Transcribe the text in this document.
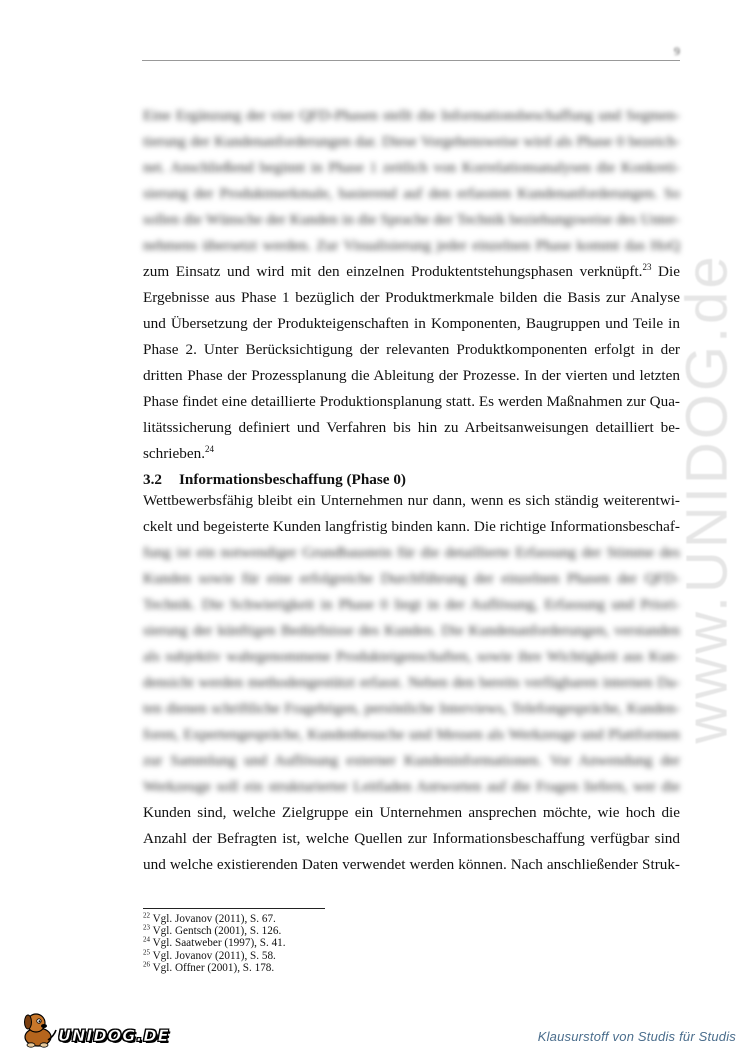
9
www.UNIDOG.de
Eine Ergänzung der vier QFD-Phasen stellt die Informationsbeschaffung und Segmen-
tierung der Kundenanforderungen dar. Diese Vorgehensweise wird als Phase 0 bezeich-
net. Anschließend beginnt in Phase 1 zeitlich von Korrelationsanalysen die Konkreti-
sierung der Produktmerkmale, basierend auf den erfassten Kundenanforderungen. So
sollen die Wünsche der Kunden in die Sprache der Technik beziehungsweise des Unter-
nehmens übersetzt werden. Zur Visualisierung jeder einzelnen Phase kommt das HoQ
zum Einsatz und wird mit den einzelnen Produktentstehungsphasen verknüpft.$^{23}$ Die
Ergebnisse aus Phase 1 bezüglich der Produktmerkmale bilden die Basis zur Analyse
und Übersetzung der Produkteigenschaften in Komponenten, Baugruppen und Teile in
Phase 2. Unter Berücksichtigung der relevanten Produktkomponenten erfolgt in der
dritten Phase der Prozessplanung die Ableitung der Prozesse. In der vierten und letzten
Phase findet eine detaillierte Produktionsplanung statt. Es werden Maßnahmen zur Qua-
litätssicherung definiert und Verfahren bis hin zu Arbeitsanweisungen detailliert be-
schrieben.$^{24}$
3.2 Informationsbeschaffung (Phase 0)
Wettbewerbsfähig bleibt ein Unternehmen nur dann, wenn es sich ständig weiterentwi-
ckelt und begeisterte Kunden langfristig binden kann. Die richtige Informationsbeschaf-
fung ist ein notwendiger Grundbaustein für die detaillierte Erfassung der Stimme des
Kunden sowie für eine erfolgreiche Durchführung der einzelnen Phasen der QFD-
Technik. Die Schwierigkeit in Phase 0 liegt in der Auflösung, Erfassung und Priori-
sierung der künftigen Bedürfnisse des Kunden. Die Kundenanforderungen, verstanden
als subjektiv wahrgenommene Produkteigenschaften, sowie ihre Wichtigkeit aus Kun-
densicht werden methodengestützt erfasst. Neben den bereits verfügbaren internen Da-
ten dienen schriftliche Fragebögen, persönliche Interviews, Telefongespräche, Kunden-
foren, Expertengespräche, Kundenbesuche und Messen als Werkzeuge und Plattformen
zur Sammlung und Auflösung externer Kundeninformationen. Vor Anwendung der
Werkzeuge soll ein strukturierter Leitfaden Antworten auf die Fragen liefern, wer die
Kunden sind, welche Zielgruppe ein Unternehmen ansprechen möchte, wie hoch die
Anzahl der Befragten ist, welche Quellen zur Informationsbeschaffung verfügbar sind
und welche existierenden Daten verwendet werden können. Nach anschließender Struk-
$^{22}$ Vgl. Jovanov (2011), S. 67.
$^{23}$ Vgl. Gentsch (2001), S. 126.
$^{24}$ Vgl. Saatweber (1997), S. 41.
$^{25}$ Vgl. Jovanov (2011), S. 58.
$^{26}$ Vgl. Offner (2001), S. 178.
UNIDOG.DE	Klausurstoff von Studis für Studis
